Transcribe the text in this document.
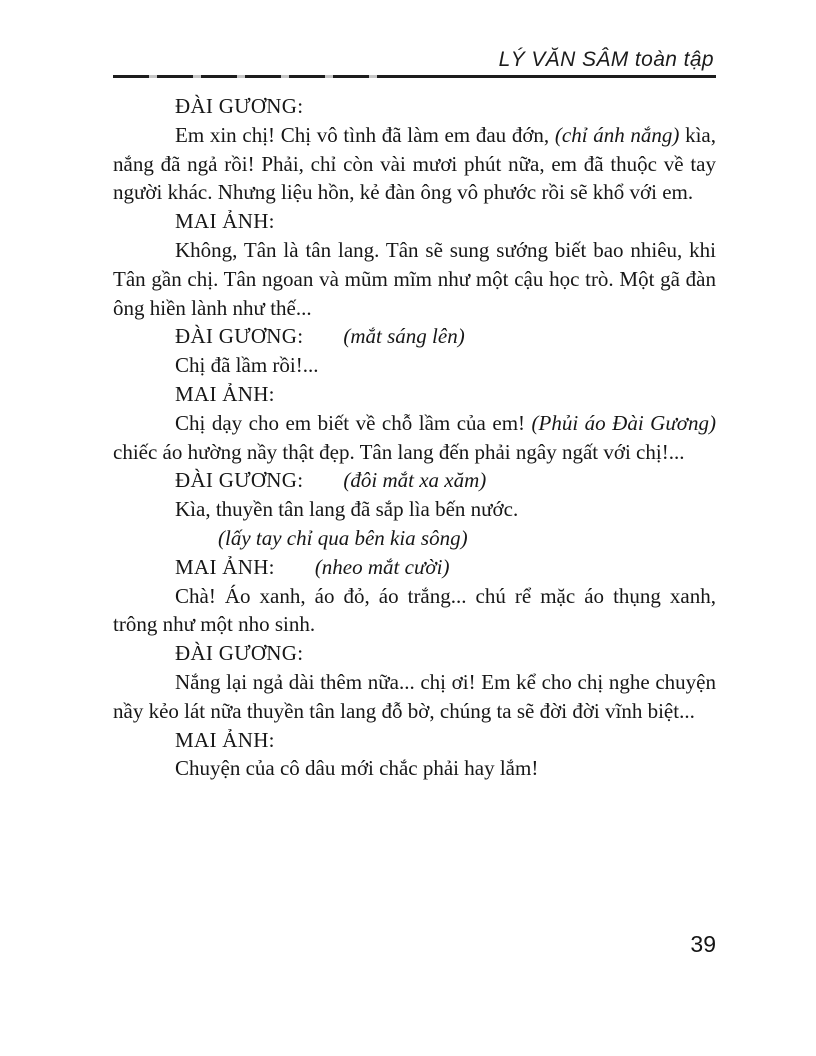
LÝ VĂN SÂM toàn tập

ĐÀI GƯƠNG:

Em xin chị! Chị vô tình đã làm em đau đớn, (chỉ ánh nắng) kìa, nắng đã ngả rồi! Phải, chỉ còn vài mươi phút nữa, em đã thuộc về tay người khác. Nhưng liệu hồn, kẻ đàn ông vô phước rồi sẽ khổ với em.

MAI ẢNH:

Không, Tân là tân lang. Tân sẽ sung sướng biết bao nhiêu, khi Tân gần chị. Tân ngoan và mũm mĩm như một cậu học trò. Một gã đàn ông hiền lành như thế...

ĐÀI GƯƠNG: (mắt sáng lên)

Chị đã lầm rồi!...

MAI ẢNH:

Chị dạy cho em biết về chỗ lầm của em! (Phủi áo Đài Gương) chiếc áo hường nầy thật đẹp. Tân lang đến phải ngây ngất với chị!...

ĐÀI GƯƠNG: (đôi mắt xa xăm)

Kìa, thuyền tân lang đã sắp lìa bến nước.

(lấy tay chỉ qua bên kia sông)

MAI ẢNH: (nheo mắt cười)

Chà! Áo xanh, áo đỏ, áo trắng... chú rể mặc áo thụng xanh, trông như một nho sinh.

ĐÀI GƯƠNG:

Nắng lại ngả dài thêm nữa... chị ơi! Em kể cho chị nghe chuyện nầy kẻo lát nữa thuyền tân lang đỗ bờ, chúng ta sẽ đời đời vĩnh biệt...

MAI ẢNH:

Chuyện của cô dâu mới chắc phải hay lắm!

39
